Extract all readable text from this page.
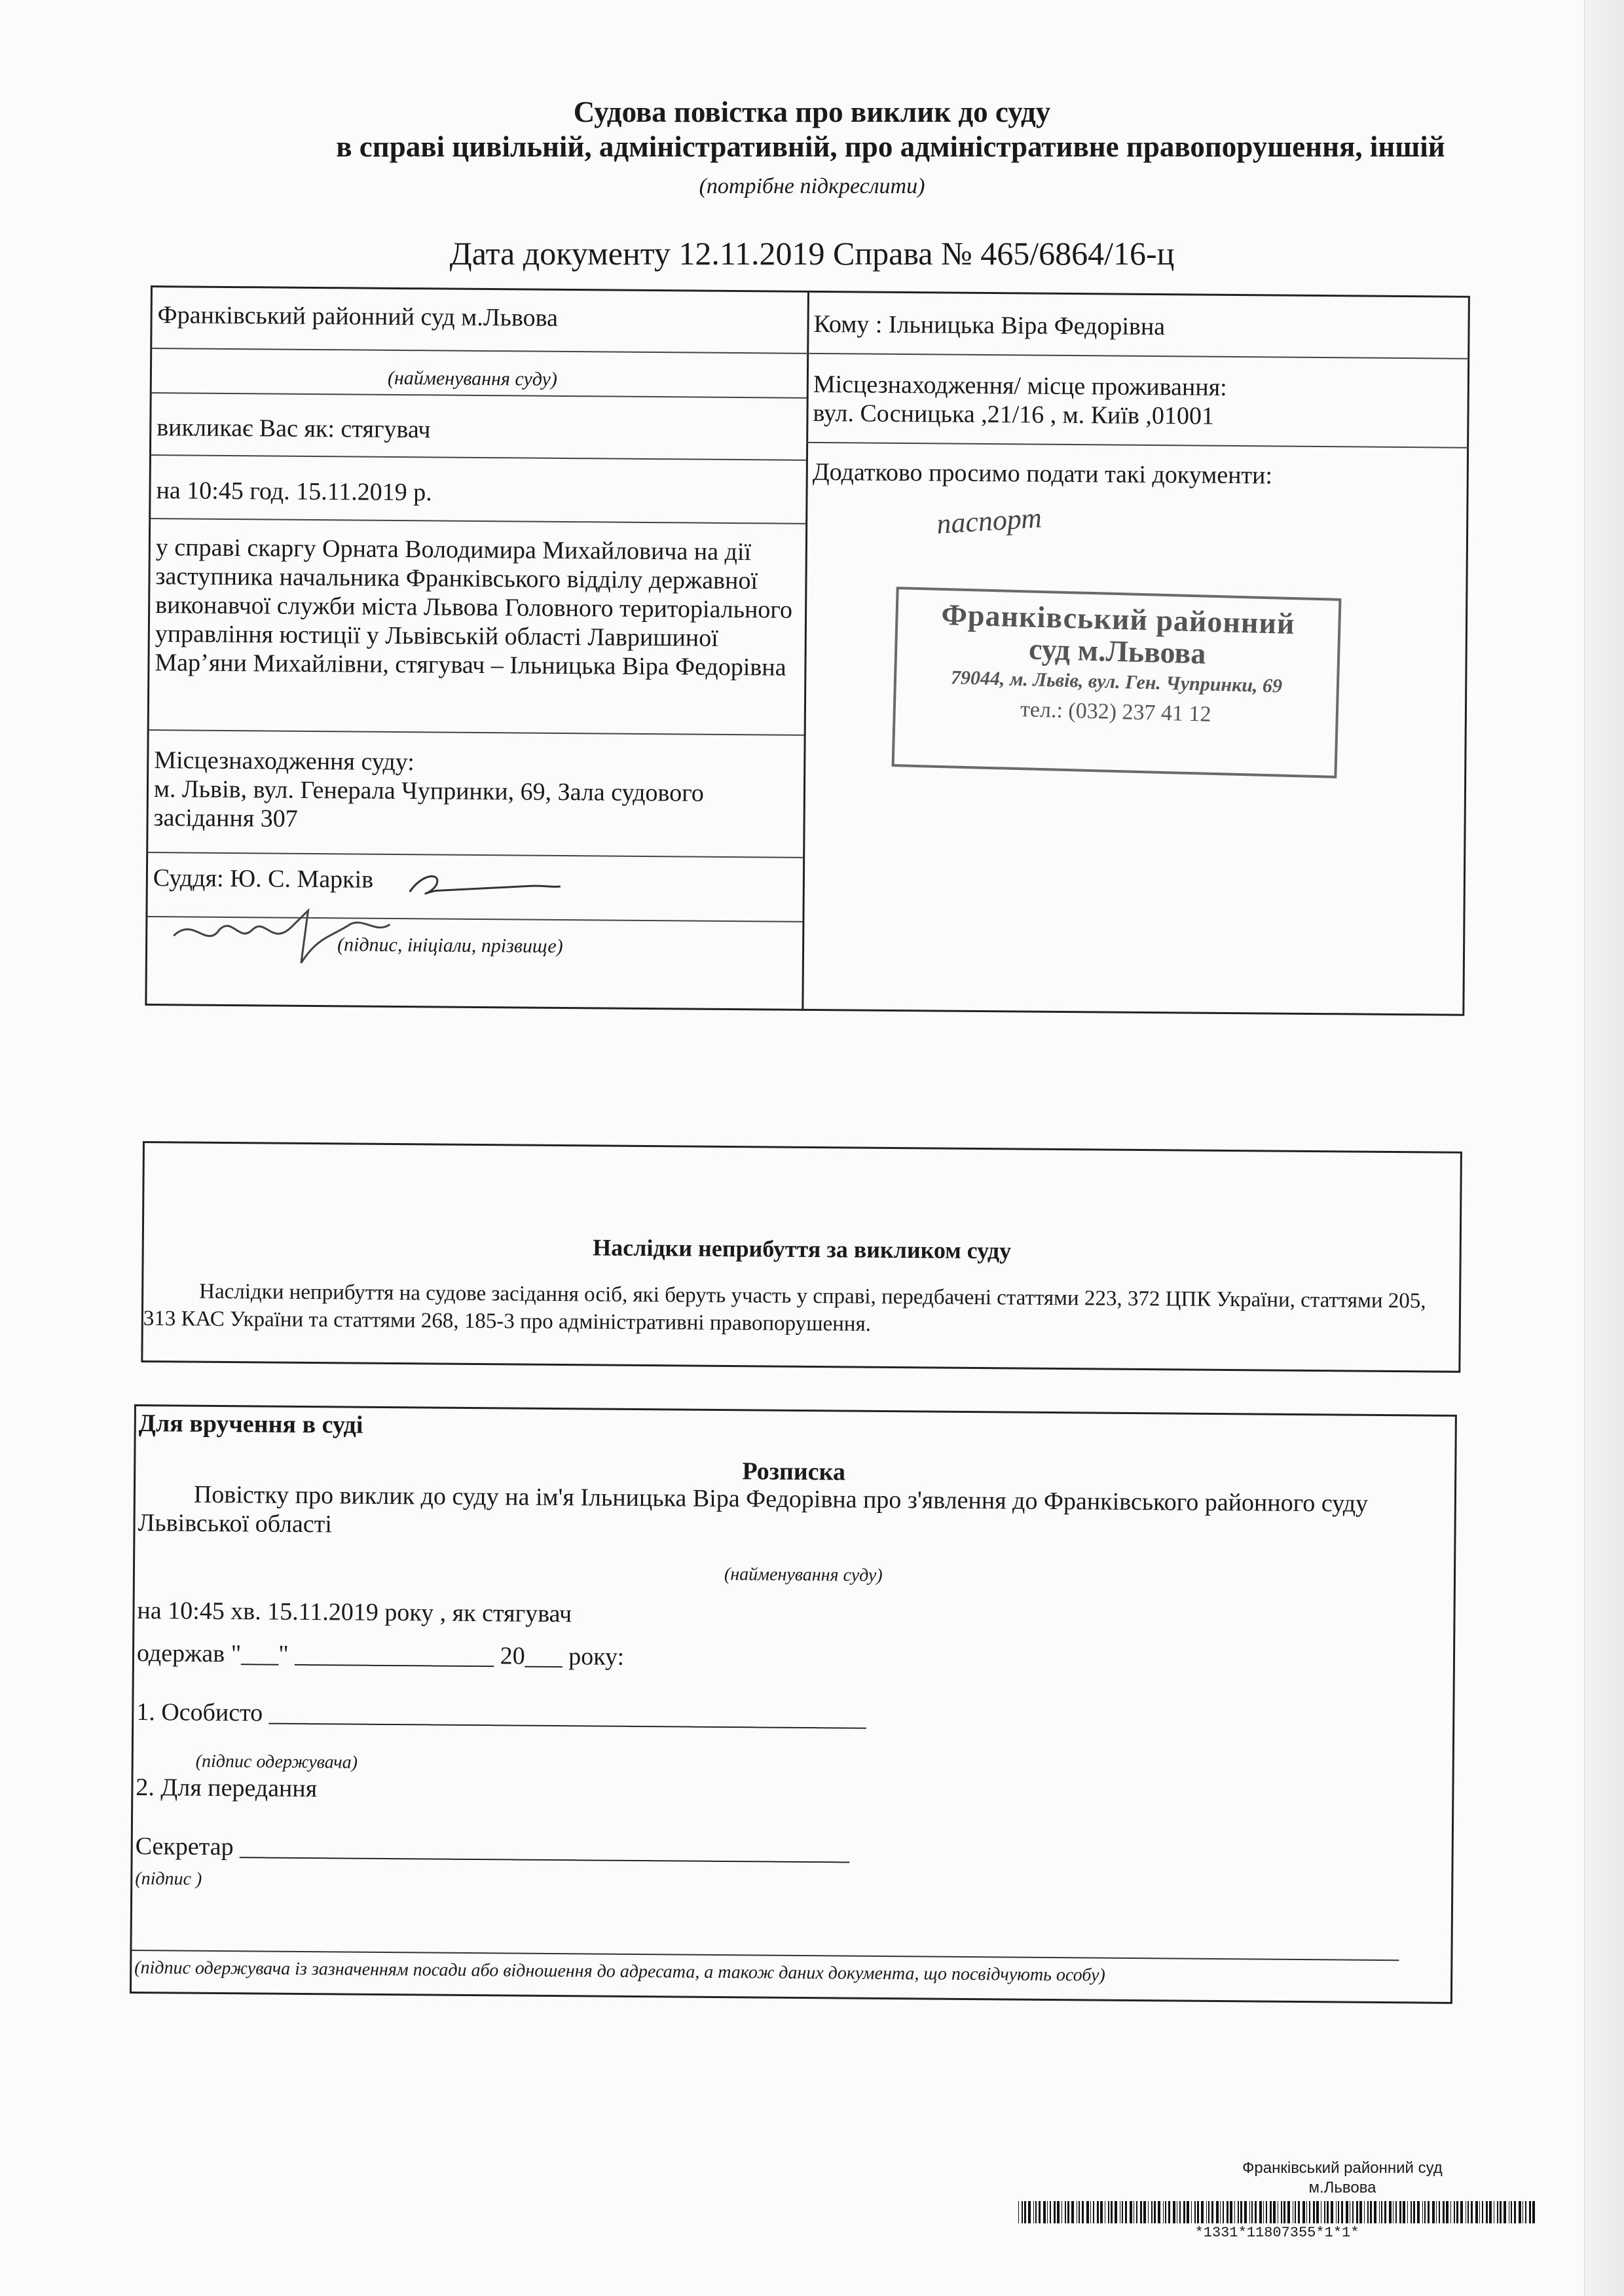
Судова повістка про виклик до суду
в справі цивільній, адміністративній, про адміністративне правопорушення, іншій
(потрібне підкреслити)
Дата документу 12.11.2019 Справа № 465/6864/16-ц
Франківський районний суд м.Львова
(найменування суду)
викликає Вас як: стягувач
на 10:45 год. 15.11.2019 р.
у справі скаргу Орната Володимира Михайловича на дії заступника начальника Франківського відділу державної виконавчої служби міста Львова Головного територіального управління юстиції у Львівській області Лавришиної Мар’яни Михайлівни, стягувач – Ільницька Віра Федорівна
Місцезнаходження суду:
м. Львів, вул. Генерала Чупринки, 69, Зала судового засідання 307
Суддя: Ю. С. Марків
(підпис, ініціали, прізвище)
Кому : Ільницька Віра Федорівна
Місцезнаходження/ місце проживання:
вул. Сосницька ,21/16 , м. Київ ,01001
Додатково просимо подати такі документи:
паспорт
Франківський районний
суд м.Львова
79044, м. Львів, вул. Ген. Чупринки, 69
тел.: (032) 237 41 12
Наслідки неприбуття за викликом суду
Наслідки неприбуття на судове засідання осіб, які беруть участь у справі, передбачені статтями 223, 372 ЦПК України, статтями 205, 313 КАС України та статтями 268, 185-3 про адміністративні правопорушення.
Для вручення в суді
Розписка
Повістку про виклик до суду на ім'я Ільницька Віра Федорівна про з'явлення до Франківського районного суду Львівської області
(найменування суду)
на 10:45 хв. 15.11.2019 року , як стягувач
одержав "___" ________________ 20___ року:
1. Особисто ________________________________________________
(підпис одержувача)
2. Для передання
Секретар _________________________________________________
(підпис )
(підпис одержувача із зазначенням посади або відношення до адресата, а також даних документа, що посвідчують особу)
Франківський районний суд
м.Львова
*1331*11807355*1*1*
